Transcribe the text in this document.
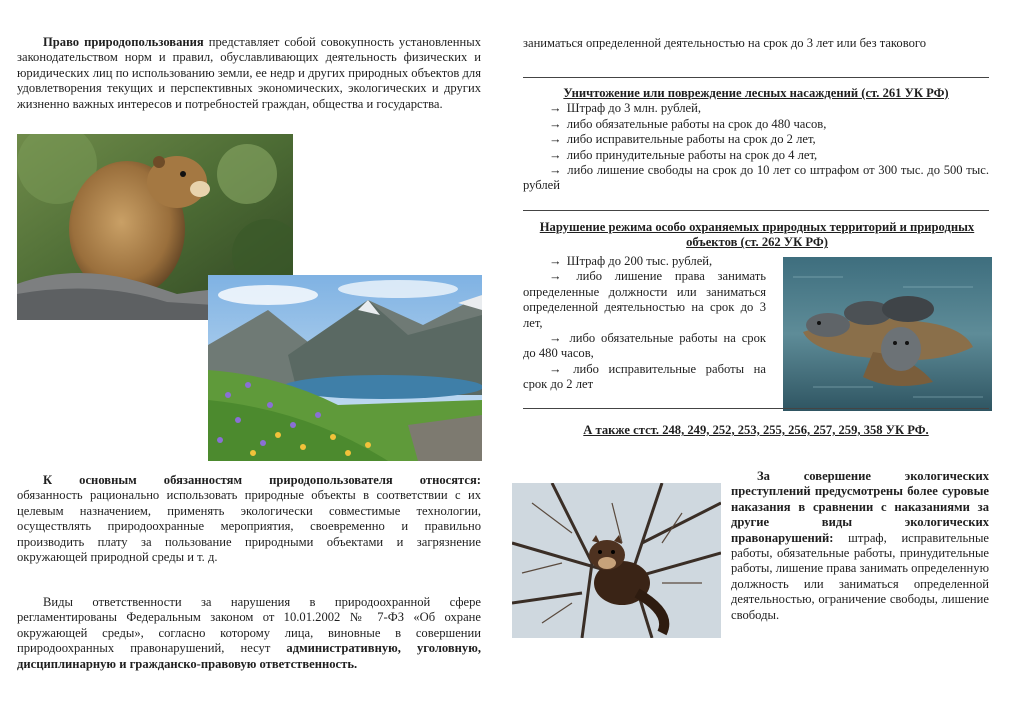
Право природопользования представляет собой совокупность установленных законодательством норм и правил, обуславливающих деятельность физических и юридических лиц по использованию земли, ее недр и других природных объектов для удовлетворения текущих и перспективных экономических, экологических и других жизненно важных интересов и потребностей граждан, общества и государства.

К основным обязанностям природопользователя относятся:

обязанность рационально использовать природные объекты в соответствии с их целевым назначением, применять экологически совместимые технологии, осуществлять природоохранные мероприятия, своевременно и правильно производить плату за пользование природными объектами и загрязнение окружающей природной среды и т. д.

Виды ответственности за нарушения в природоохранной сфере регламентированы Федеральным законом от 10.01.2002 № 7-ФЗ «Об охране окружающей среды», согласно которому лица, виновные в совершении природоохранных правонарушений, несут административную, уголовную, дисциплинарную и гражданско-правовую ответственность.
заниматься определенной деятельностью на срок до 3 лет или без такового

Уничтожение или повреждение лесных насаждений (ст. 261 УК РФ)

→ Штраф до 3 млн. рублей,

→ либо обязательные работы на срок до 480 часов,

→ либо исправительные работы на срок до 2 лет,

→ либо принудительные работы на срок до 4 лет,

→ либо лишение свободы на срок до 10 лет со штрафом от 300 тыс. до 500 тыс. рублей

Нарушение режима особо охраняемых природных территорий и природных объектов (ст. 262 УК РФ)

→ Штраф до 200 тыс. рублей,

→ либо лишение права занимать определенные должности или заниматься определенной деятельностью на срок до 3 лет,

→ либо обязательные работы на срок до 480 часов,

→ либо исправительные работы на срок до 2 лет

А также стст. 248, 249, 252, 253, 255, 256, 257, 259, 358 УК РФ.
За совершение экологических преступлений предусмотрены более суровые наказания в сравнении с наказаниями за другие виды экологических правонарушений: штраф, исправительные работы, обязательные работы, принудительные работы, лишение права занимать определенную должность или заниматься определенной деятельностью, ограничение свободы, лишение свободы.
